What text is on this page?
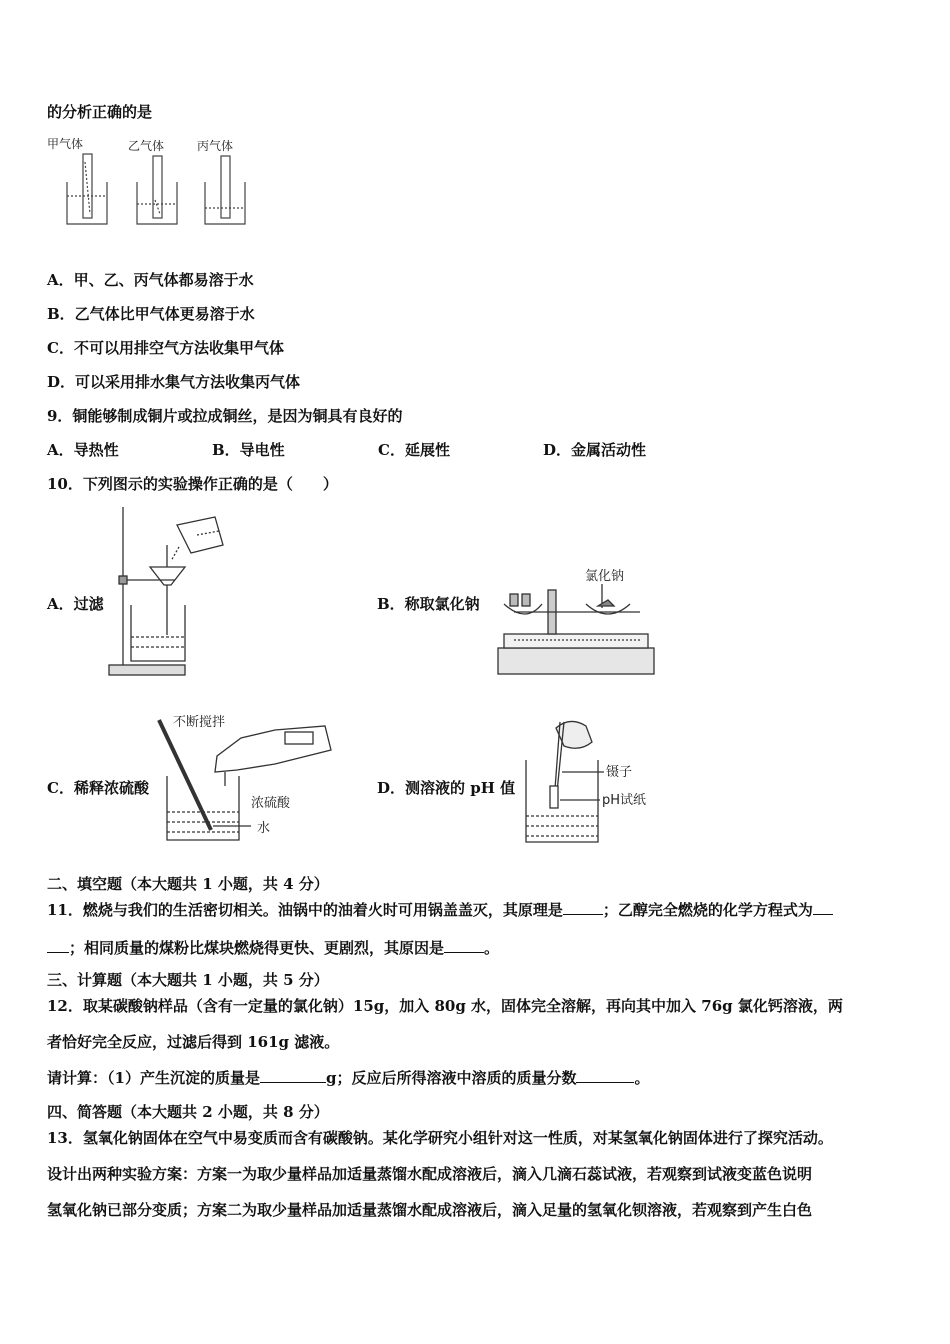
的分析正确的是
甲气体	乙气体	丙气体
A．甲、乙、丙气体都易溶于水
B．乙气体比甲气体更易溶于水
C．不可以用排空气方法收集甲气体
D．可以采用排水集气方法收集丙气体
9．铜能够制成铜片或拉成铜丝，是因为铜具有良好的
A．导热性	B．导电性	C．延展性	D．金属活动性
10．下列图示的实验操作正确的是（　　）
A．过滤	B．称取氯化钠
氯化钠
不断搅拌
浓硫酸
水
C．稀释浓硫酸	D．测溶液的 pH 值
镊子
pH试纸
二、填空题（本大题共 1 小题，共 4 分）
11．燃烧与我们的生活密切相关。油锅中的油着火时可用锅盖盖灭，其原理是	；乙醇完全燃烧的化学方程式为
；相同质量的煤粉比煤块燃烧得更快、更剧烈，其原因是	。
三、计算题（本大题共 1 小题，共 5 分）
12．取某碳酸钠样品（含有一定量的氯化钠）15g，加入 80g 水，固体完全溶解，再向其中加入 76g 氯化钙溶液，两
者恰好完全反应，过滤后得到 161g 滤液。
请计算：（1）产生沉淀的质量是	g；反应后所得溶液中溶质的质量分数	。
四、简答题（本大题共 2 小题，共 8 分）
13．氢氧化钠固体在空气中易变质而含有碳酸钠。某化学研究小组针对这一性质，对某氢氧化钠固体进行了探究活动。
设计出两种实验方案：方案一为取少量样品加适量蒸馏水配成溶液后，滴入几滴石蕊试液，若观察到试液变蓝色说明
氢氧化钠已部分变质；方案二为取少量样品加适量蒸馏水配成溶液后，滴入足量的氢氧化钡溶液，若观察到产生白色
